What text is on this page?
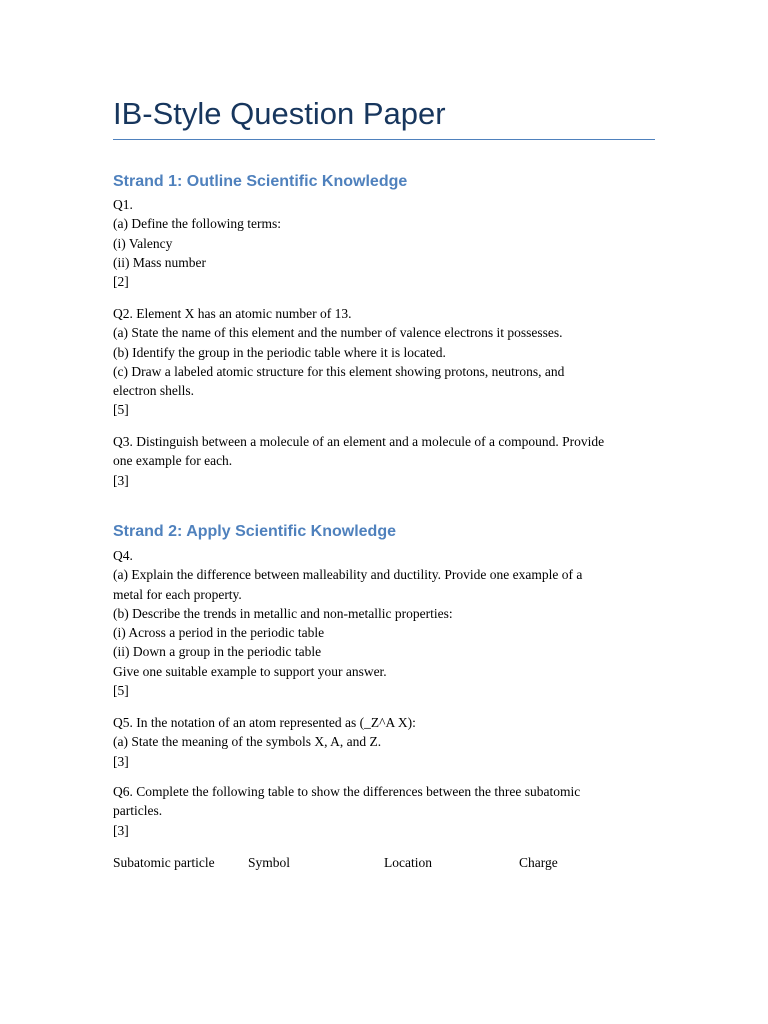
IB-Style Question Paper
Strand 1: Outline Scientific Knowledge
Q1.
(a) Define the following terms:
(i) Valency
(ii) Mass number
[2]
Q2. Element X has an atomic number of 13.
(a) State the name of this element and the number of valence electrons it possesses.
(b) Identify the group in the periodic table where it is located.
(c) Draw a labeled atomic structure for this element showing protons, neutrons, and
electron shells.
[5]
Q3. Distinguish between a molecule of an element and a molecule of a compound. Provide
one example for each.
[3]
Strand 2: Apply Scientific Knowledge
Q4.
(a) Explain the difference between malleability and ductility. Provide one example of a
metal for each property.
(b) Describe the trends in metallic and non-metallic properties:
(i) Across a period in the periodic table
(ii) Down a group in the periodic table
Give one suitable example to support your answer.
[5]
Q5. In the notation of an atom represented as (_Z^A X):
(a) State the meaning of the symbols X, A, and Z.
[3]
Q6. Complete the following table to show the differences between the three subatomic
particles.
[3]
Subatomic particle Symbol	Location	Charge
